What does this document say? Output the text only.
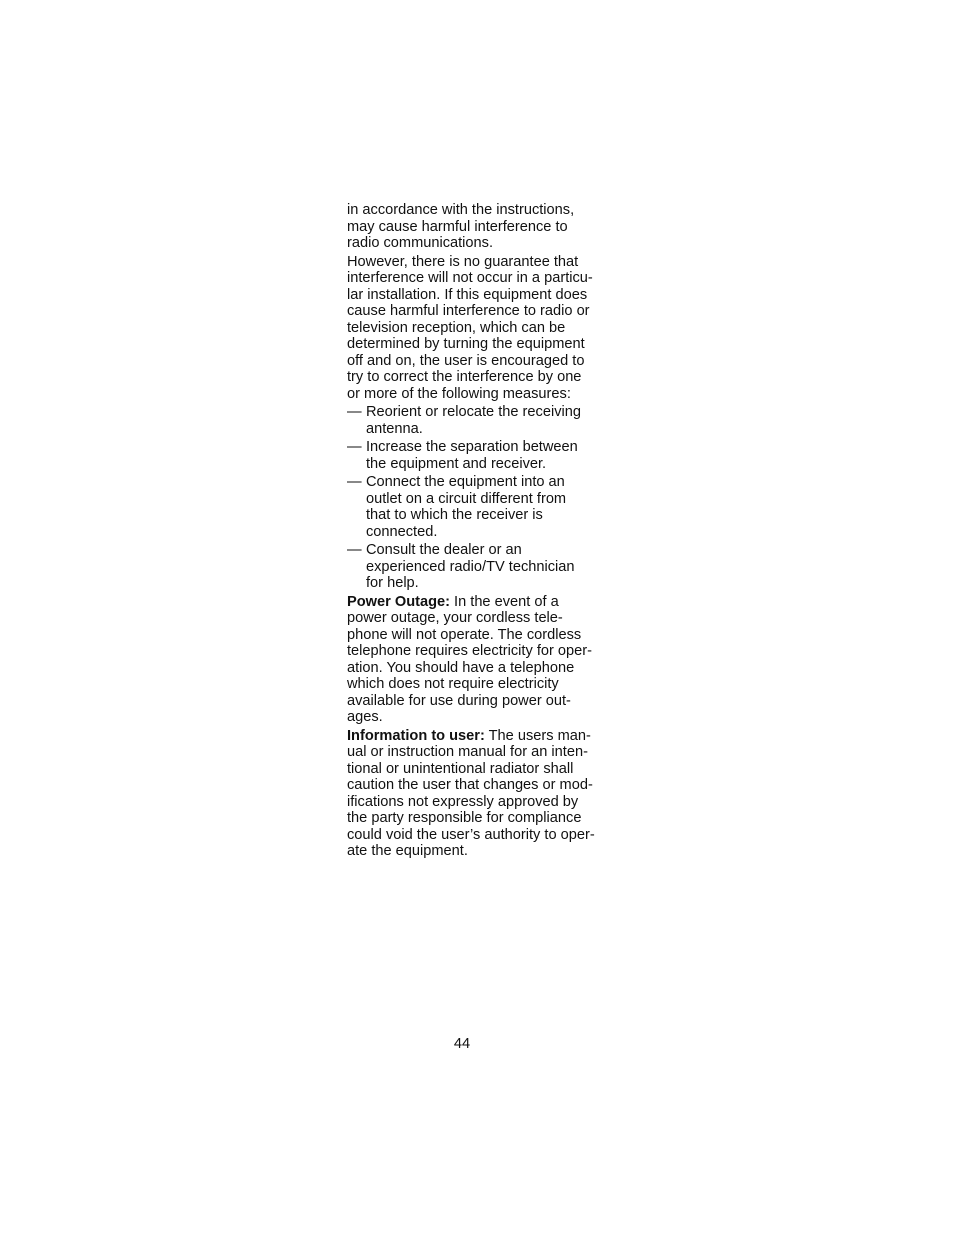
in accordance with the instructions,
may cause harmful interference to
radio communications.

However, there is no guarantee that
interference will not occur in a particu-
lar installation. If this equipment does
cause harmful interference to radio or
television reception, which can be
determined by turning the equipment
off and on, the user is encouraged to
try to correct the interference by one
or more of the following measures:

— Reorient or relocate the receiving
antenna.
— Increase the separation between
the equipment and receiver.
— Connect the equipment into an
outlet on a circuit different from
that to which the receiver is
connected.
— Consult the dealer or an
experienced radio/TV technician
for help.

Power Outage: In the event of a
power outage, your cordless tele-
phone will not operate. The cordless
telephone requires electricity for oper-
ation. You should have a telephone
which does not require electricity
available for use during power out-
ages.

Information to user: The users man-
ual or instruction manual for an inten-
tional or unintentional radiator shall
caution the user that changes or mod-
ifications not expressly approved by
the party responsible for compliance
could void the user’s authority to oper-
ate the equipment.

44
